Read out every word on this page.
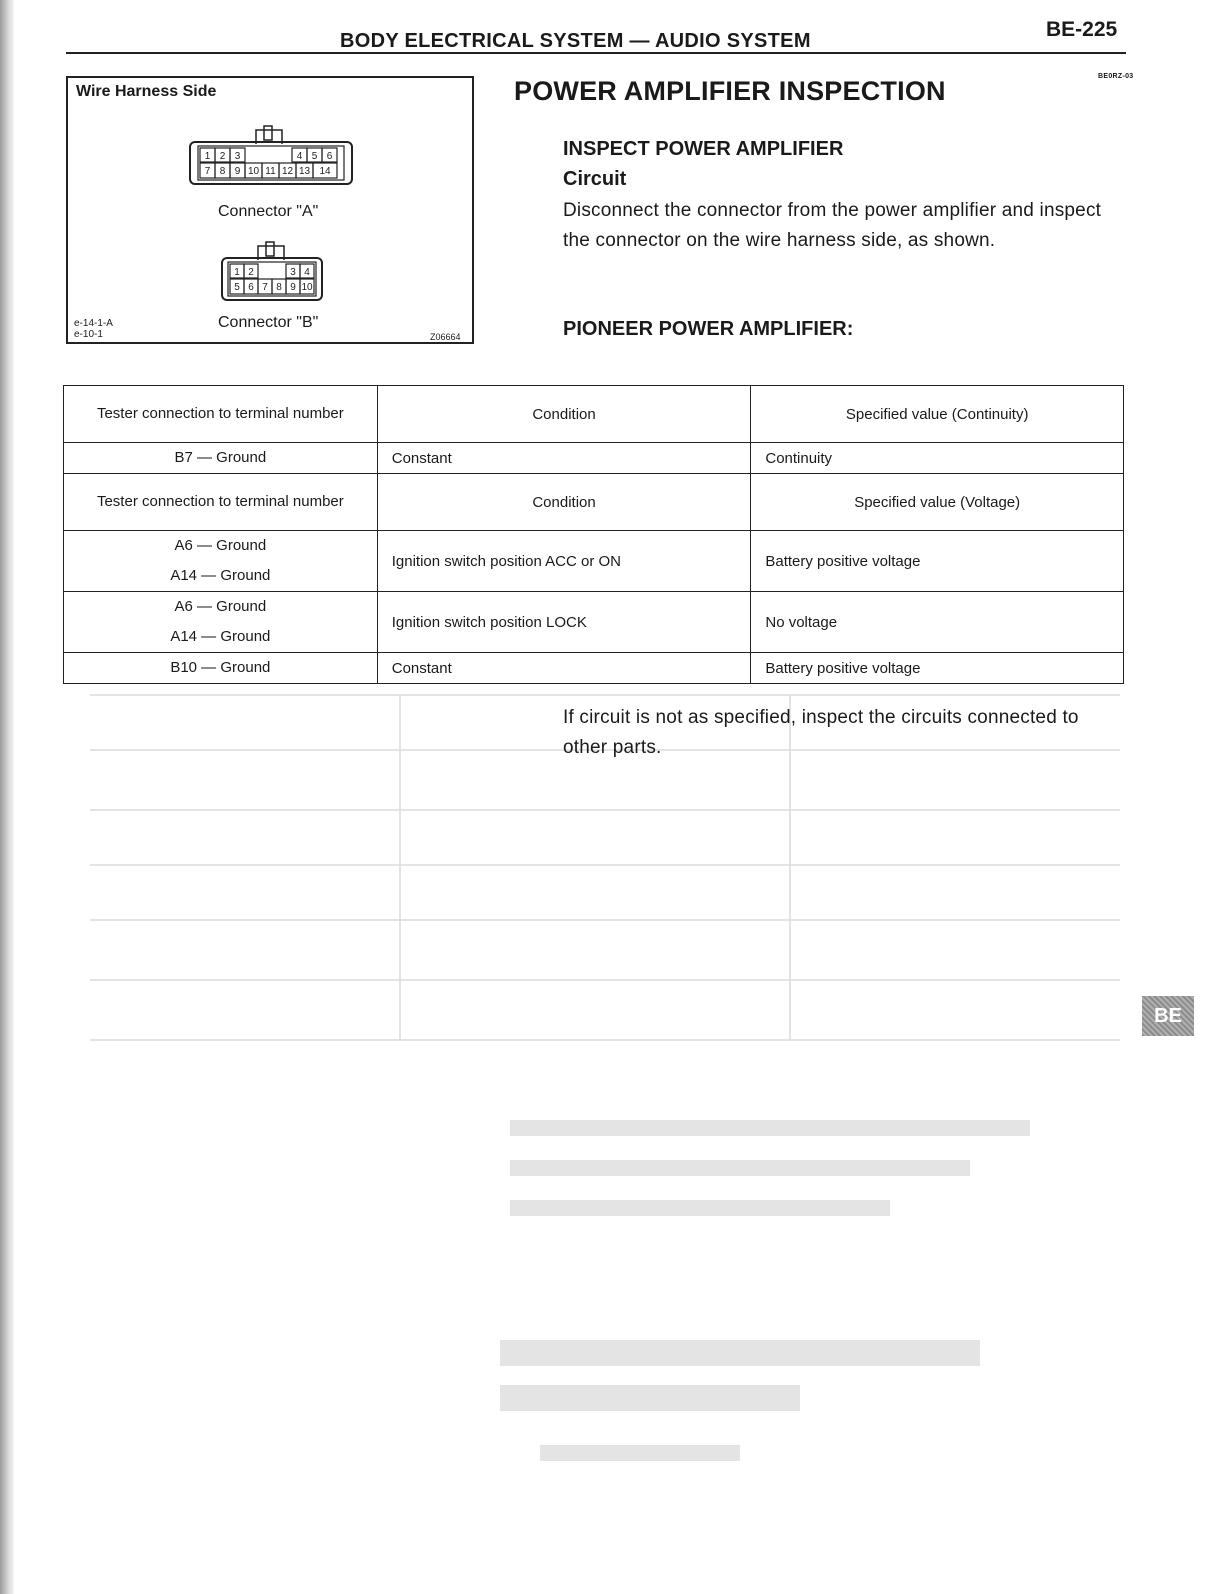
BODY ELECTRICAL SYSTEM — AUDIO SYSTEM	BE-225
BE0RZ-03
Wire Harness Side
1 2 3	4 5 6
7 8 9 10 11 12 13 14
Connector "A"
1 2	3 4
5 6 7 8 9 10
Connector "B"
e-14-1-A
e-10-1	Z06664
POWER AMPLIFIER INSPECTION
INSPECT POWER AMPLIFIER
Circuit
Disconnect the connector from the power amplifier and inspect the connector on the wire harness side, as shown.
PIONEER POWER AMPLIFIER:
Tester connection to terminal number	Condition	Specified value (Continuity)
B7 — Ground	Constant	Continuity
Tester connection to terminal number	Condition	Specified value (Voltage)

A6 — Ground
A14 — Ground	Ignition switch position ACC or ON	Battery positive voltage

A6 — Ground
A14 — Ground	Ignition switch position LOCK	No voltage
B10 — Ground	Constant	Battery positive voltage
If circuit is not as specified, inspect the circuits connected to other parts.
BE
